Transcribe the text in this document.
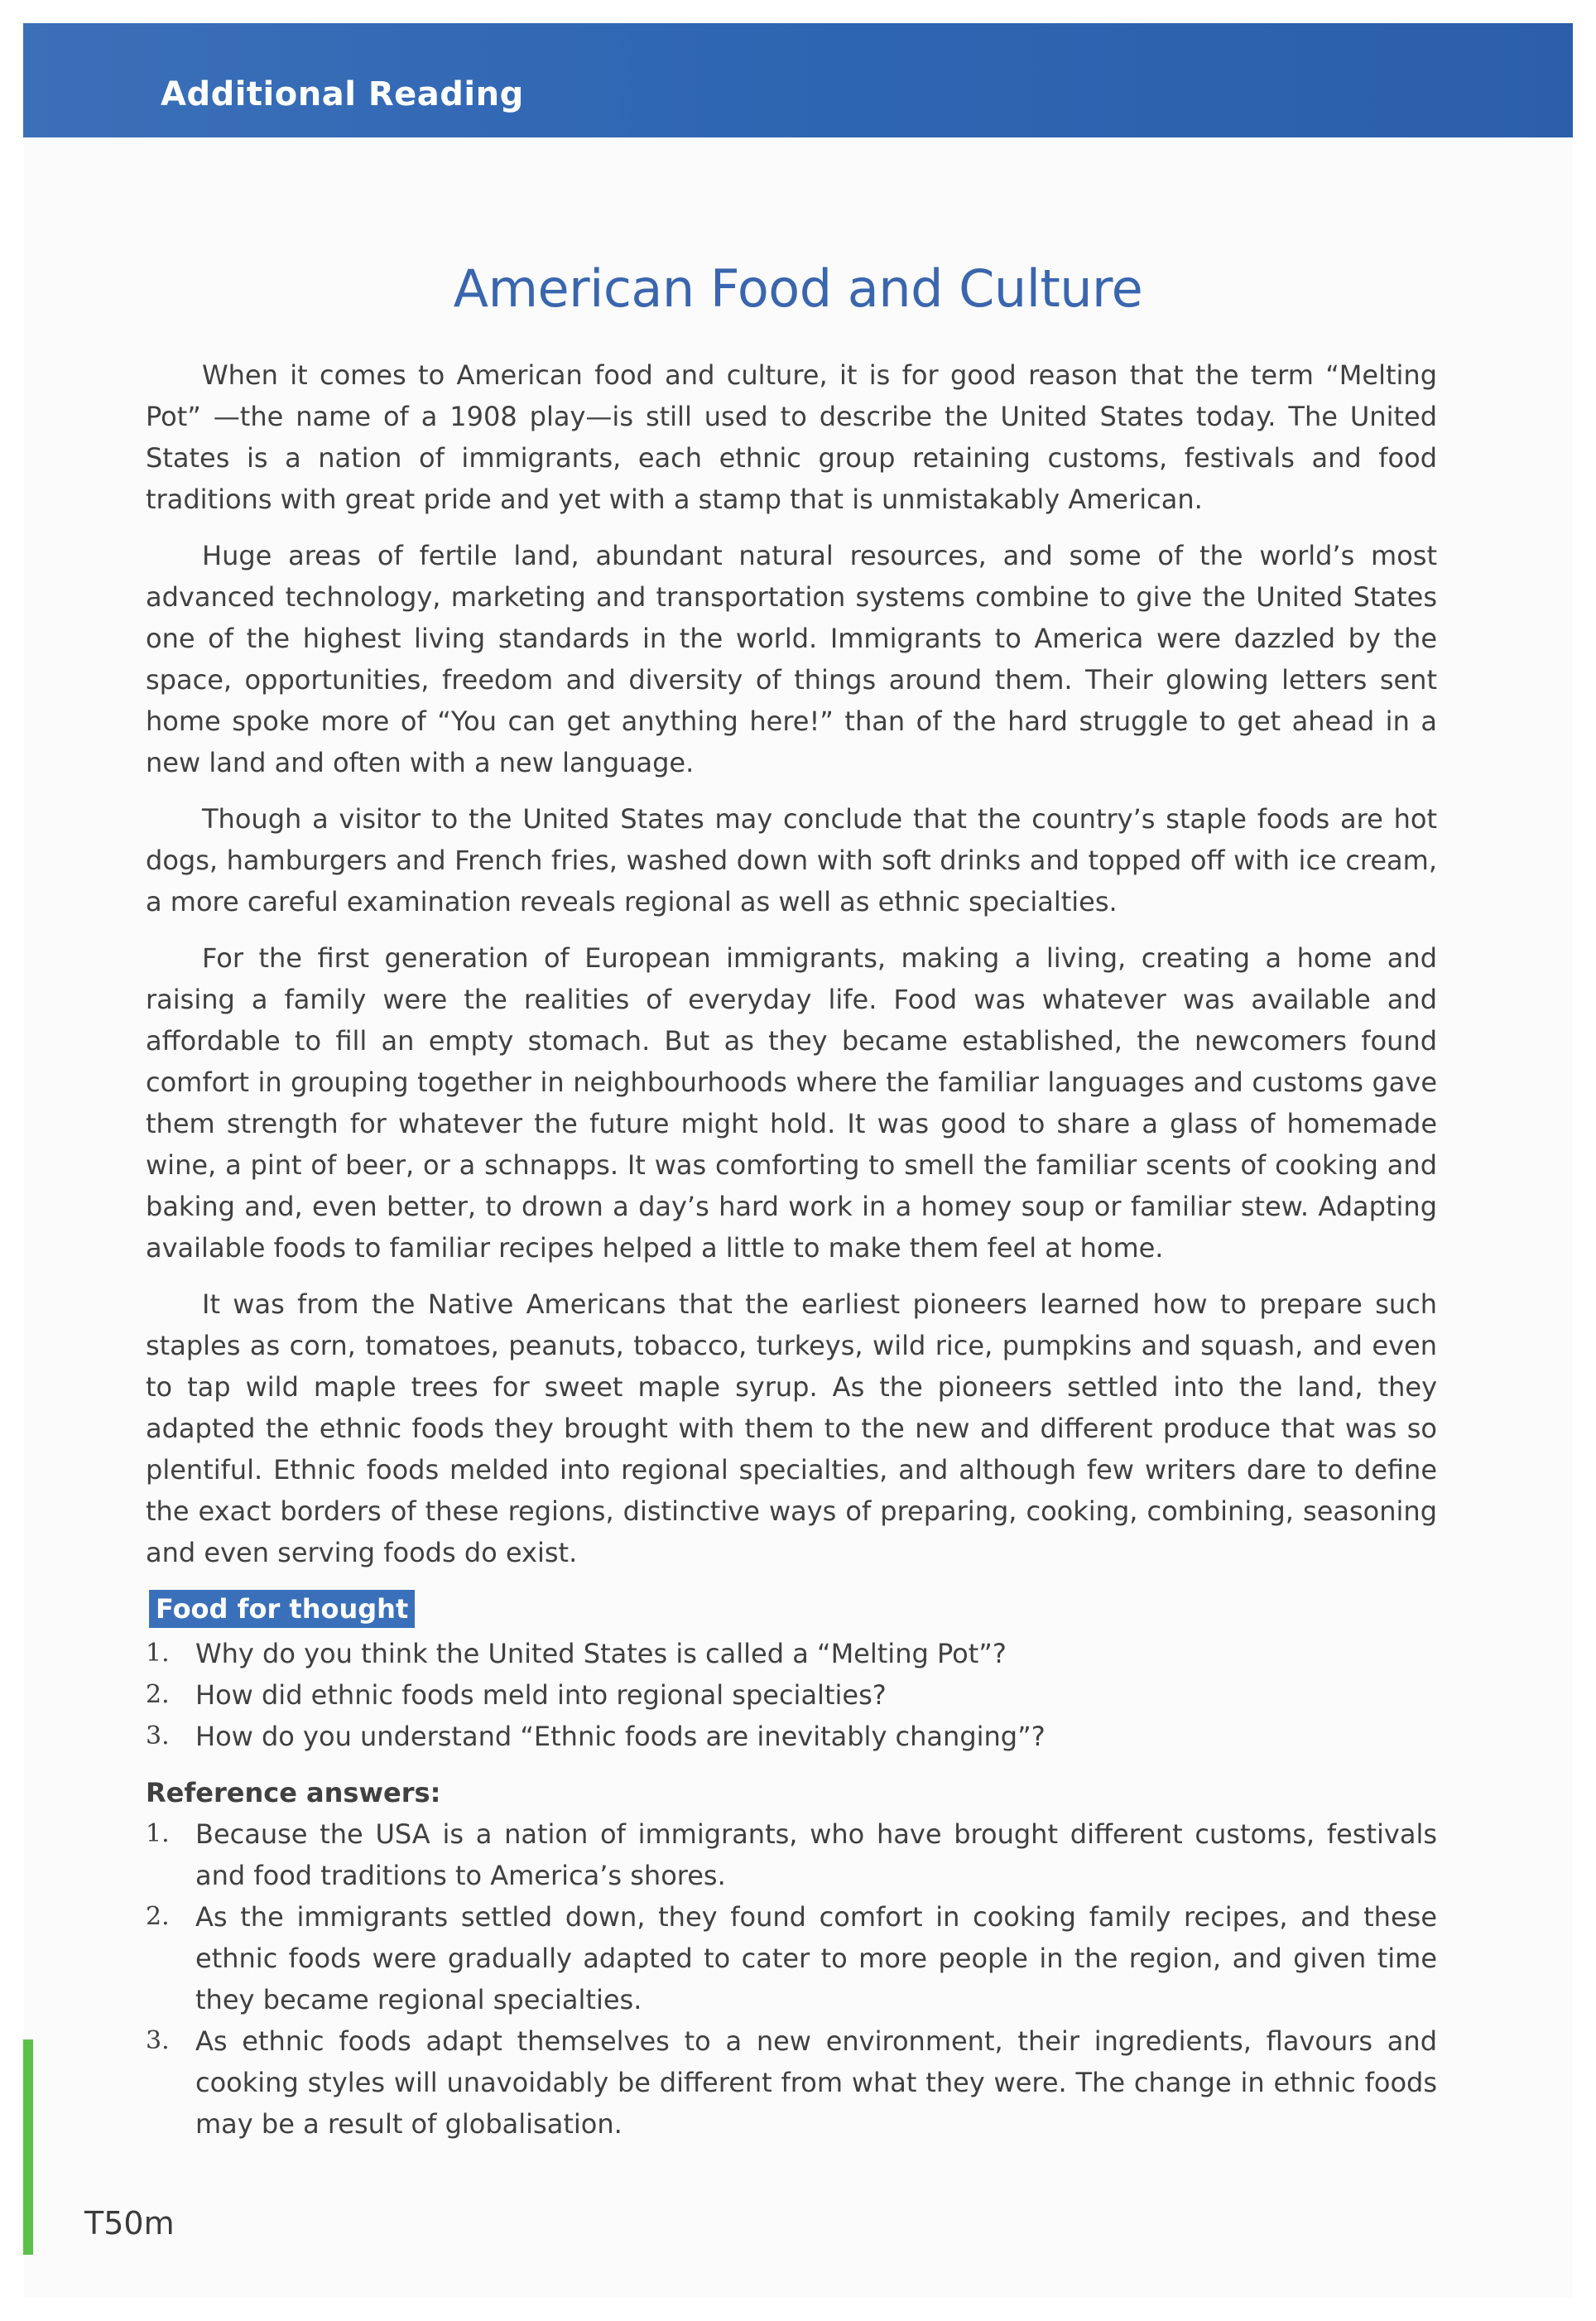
Additional Reading
American Food and Culture

When it comes to American food and culture, it is for good reason that the term “Melting Pot” —the name of a 1908 play—is still used to describe the United States today. The United States is a nation of immigrants, each ethnic group retaining customs, festivals and food traditions with great pride and yet with a stamp that is unmistakably American.

Huge areas of fertile land, abundant natural resources, and some of the world’s most advanced technology, marketing and transportation systems combine to give the United States one of the highest living standards in the world. Immigrants to America were dazzled by the space, opportunities, freedom and diversity of things around them. Their glowing letters sent home spoke more of “You can get anything here!” than of the hard struggle to get ahead in a new land and often with a new language.

Though a visitor to the United States may conclude that the country’s staple foods are hot dogs, hamburgers and French fries, washed down with soft drinks and topped off with ice cream, a more careful examination reveals regional as well as ethnic specialties.

For the first generation of European immigrants, making a living, creating a home and raising a family were the realities of everyday life. Food was whatever was available and affordable to fill an empty stomach. But as they became established, the newcomers found comfort in grouping together in neighbourhoods where the familiar languages and customs gave them strength for whatever the future might hold. It was good to share a glass of homemade wine, a pint of beer, or a schnapps. It was comforting to smell the familiar scents of cooking and baking and, even better, to drown a day’s hard work in a homey soup or familiar stew. Adapting available foods to familiar recipes helped a little to make them feel at home.

It was from the Native Americans that the earliest pioneers learned how to prepare such staples as corn, tomatoes, peanuts, tobacco, turkeys, wild rice, pumpkins and squash, and even to tap wild maple trees for sweet maple syrup. As the pioneers settled into the land, they adapted the ethnic foods they brought with them to the new and different produce that was so plentiful. Ethnic foods melded into regional specialties, and although few writers dare to define the exact borders of these regions, distinctive ways of preparing, cooking, combining, seasoning and even serving foods do exist.

Food for thought
1. Why do you think the United States is called a “Melting Pot”?
2. How did ethnic foods meld into regional specialties?
3. How do you understand “Ethnic foods are inevitably changing”?
Reference answers:
1. Because the USA is a nation of immigrants, who have brought different customs, festivals and food traditions to America’s shores.
2. As the immigrants settled down, they found comfort in cooking family recipes, and these ethnic foods were gradually adapted to cater to more people in the region, and given time they became regional specialties.
3. As ethnic foods adapt themselves to a new environment, their ingredients, flavours and cooking styles will unavoidably be different from what they were. The change in ethnic foods may be a result of globalisation.
T50m
